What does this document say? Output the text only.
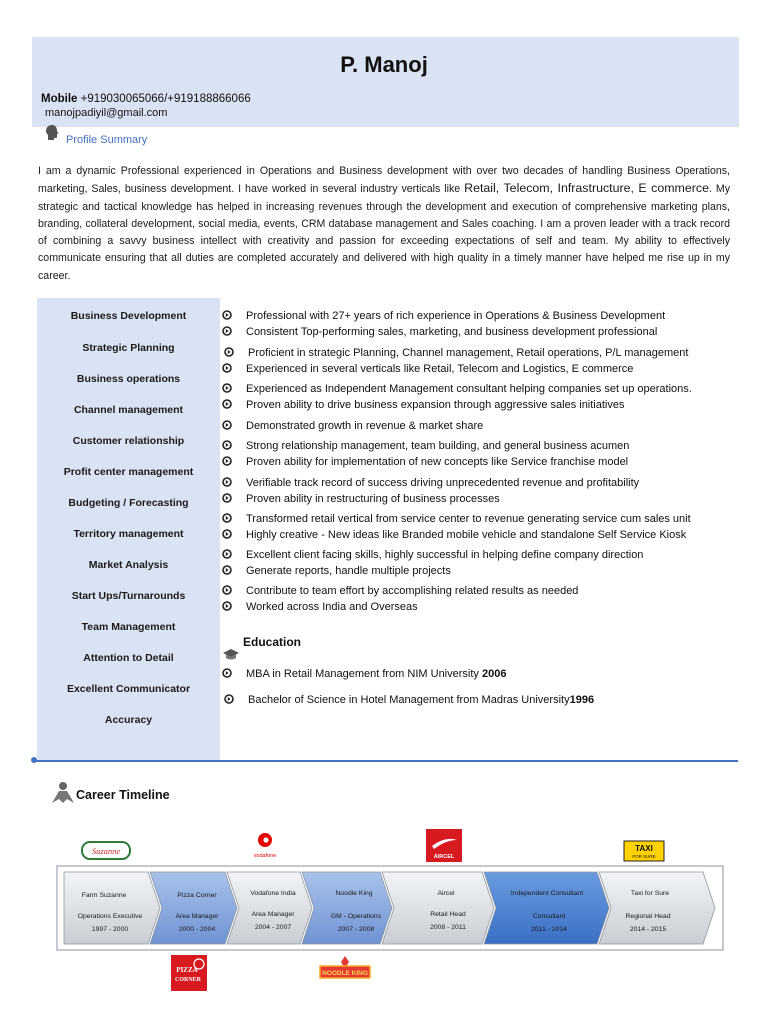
P. Manoj
Mobile +919030065066/+919188866066
manojpadiyil@gmail.com
Profile Summary
I am a dynamic Professional experienced in Operations and Business development with over two decades of handling Business Operations, marketing, Sales, business development. I have worked in several industry verticals like Retail, Telecom, Infrastructure, E commerce. My strategic and tactical knowledge has helped in increasing revenues through the development and execution of comprehensive marketing plans, branding, collateral development, social media, events, CRM database management and Sales coaching. I am a proven leader with a track record of combining a savvy business intellect with creativity and passion for exceeding expectations of self and team. My ability to effectively communicate ensuring that all duties are completed accurately and delivered with high quality in a timely manner have helped me rise up in my career.
Business Development
Strategic Planning
Business operations
Channel management
Customer relationship
Profit center management
Budgeting / Forecasting
Territory management
Market Analysis
Start Ups/Turnarounds
Team Management
Attention to Detail
Excellent Communicator
Accuracy
Professional with 27+ years of rich experience in Operations & Business Development
Consistent Top-performing sales, marketing, and business development professional
Proficient in strategic Planning, Channel management, Retail operations, P/L management
Experienced in several verticals like Retail, Telecom and Logistics, E commerce
Experienced as Independent Management consultant helping companies set up operations.
Proven ability to drive business expansion through aggressive sales initiatives
Demonstrated growth in revenue & market share
Strong relationship management, team building, and general business acumen
Proven ability for implementation of new concepts like Service franchise model
Verifiable track record of success driving unprecedented revenue and profitability
Proven ability in restructuring of business processes
Transformed retail vertical from service center to revenue generating service cum sales unit
Highly creative - New ideas like Branded mobile vehicle and standalone Self Service Kiosk
Excellent client facing skills, highly successful in helping define company direction
Generate reports, handle multiple projects
Contribute to team effort by accomplishing related results as needed
Worked across India and Overseas
Education
MBA in Retail Management from NIM University 2006
Bachelor of Science in Hotel Management from Madras University1996
Career Timeline
Farm Suzanne
Operations Executive
1997 - 2000
Pizza Corner
Area Manager
2000 - 2004
Vodafone India
Area Manager
2004 - 2007
Noodle King
GM - Operations
2007 - 2008
Aircel
Retail Head
2008 - 2011
Independent Consultant
Consultant
2011 - 2014
Taxi for Sure
Regional Head
2014 - 2015
Suzanne	vodafone	AIRCEL
TAXI
FOR SURE
PIZZA
CORNER
NOODLE KING
